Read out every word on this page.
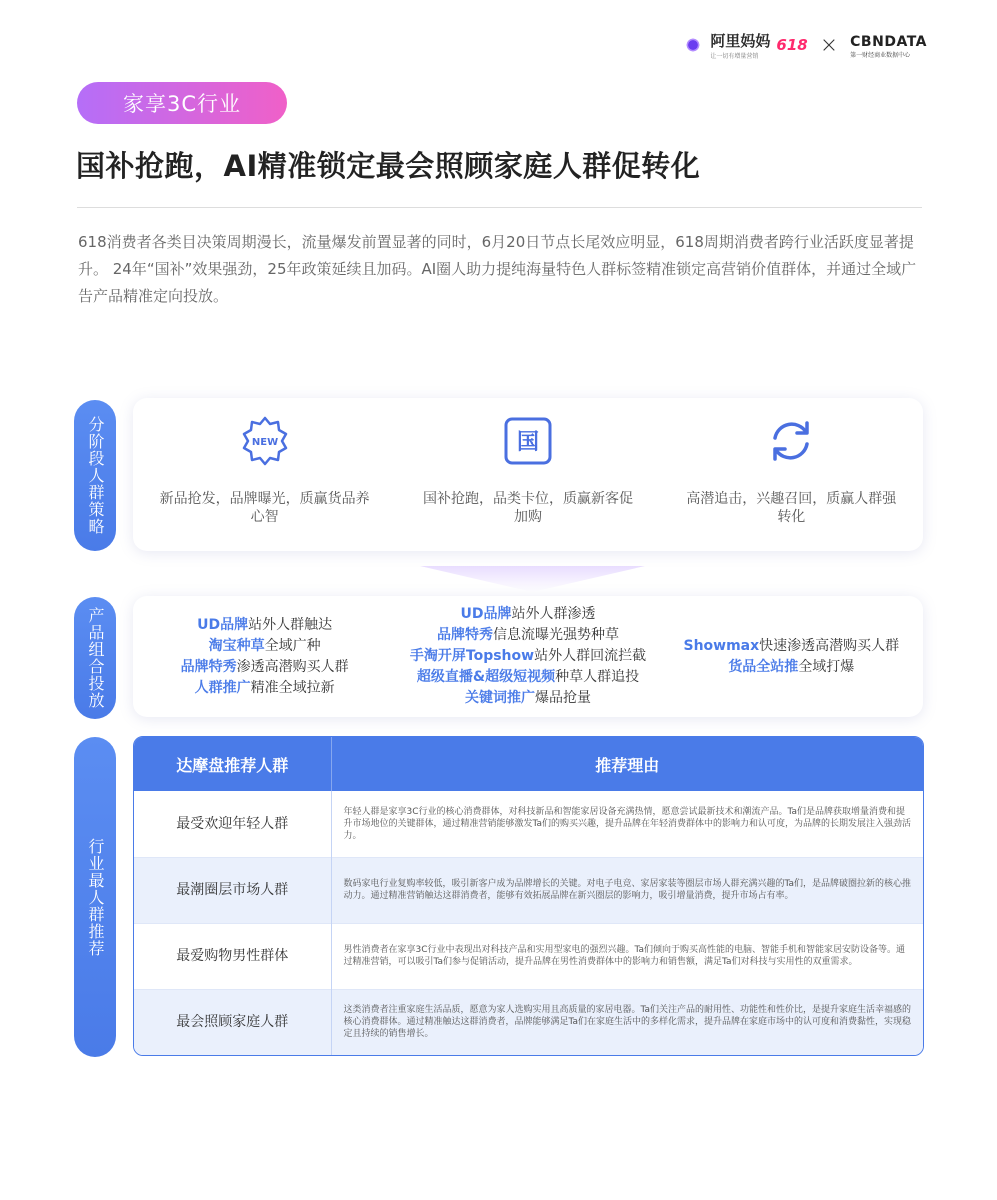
阿里妈妈
让一切有增量营销
618 × CBNDATA
第一财经商业数据中心
家享3C行业
国补抢跑，AI精准锁定最会照顾家庭人群促转化
618消费者各类目决策周期漫长，流量爆发前置显著的同时，6月20日节点长尾效应明显，618周期消费者跨行业活跃度显著提升。 24年“国补”效果强劲，25年政策延续且加码。AI圈人助力提纯海量特色人群标签精准锁定高营销价值群体，并通过全域广告产品精准定向投放。
分阶段人群策略	NEW
新品抢发，品牌曝光，质赢货品养心智
国
国补抢跑，品类卡位，质赢新客促加购
高潜追击，兴趣召回，质赢人群强转化
产品组合投放	UD品牌站外人群触达
淘宝种草全域广种
品牌特秀渗透高潜购买人群
人群推广精准全域拉新
UD品牌站外人群渗透
品牌特秀信息流曝光强势种草
手淘开屏Topshow站外人群回流拦截
超级直播&超级短视频种草人群追投
关键词推广爆品抢量
Showmax快速渗透高潜购买人群
货品全站推全域打爆
行业最人群推荐
达摩盘推荐人群	推荐理由
最受欢迎年轻人群	年轻人群是家享3C行业的核心消费群体，对科技新品和智能家居设备充满热情，愿意尝试最新技术和潮流产品。Ta们是品牌获取增量消费和提升市场地位的关键群体，通过精准营销能够激发Ta们的购买兴趣，提升品牌在年轻消费群体中的影响力和认可度，为品牌的长期发展注入强劲活力。
最潮圈层市场人群	数码家电行业复购率较低，吸引新客户成为品牌增长的关键。对电子电竞、家居家装等圈层市场人群充满兴趣的Ta们，是品牌破圈拉新的核心推动力。通过精准营销触达这群消费者，能够有效拓展品牌在新兴圈层的影响力，吸引增量消费，提升市场占有率。
最爱购物男性群体	男性消费者在家享3C行业中表现出对科技产品和实用型家电的强烈兴趣。Ta们倾向于购买高性能的电脑、智能手机和智能家居安防设备等。通过精准营销，可以吸引Ta们参与促销活动，提升品牌在男性消费群体中的影响力和销售额，满足Ta们对科技与实用性的双重需求。
最会照顾家庭人群	这类消费者注重家庭生活品质，愿意为家人选购实用且高质量的家居电器。Ta们关注产品的耐用性、功能性和性价比，是提升家庭生活幸福感的核心消费群体。通过精准触达这群消费者，品牌能够满足Ta们在家庭生活中的多样化需求，提升品牌在家庭市场中的认可度和消费黏性，实现稳定且持续的销售增长。
